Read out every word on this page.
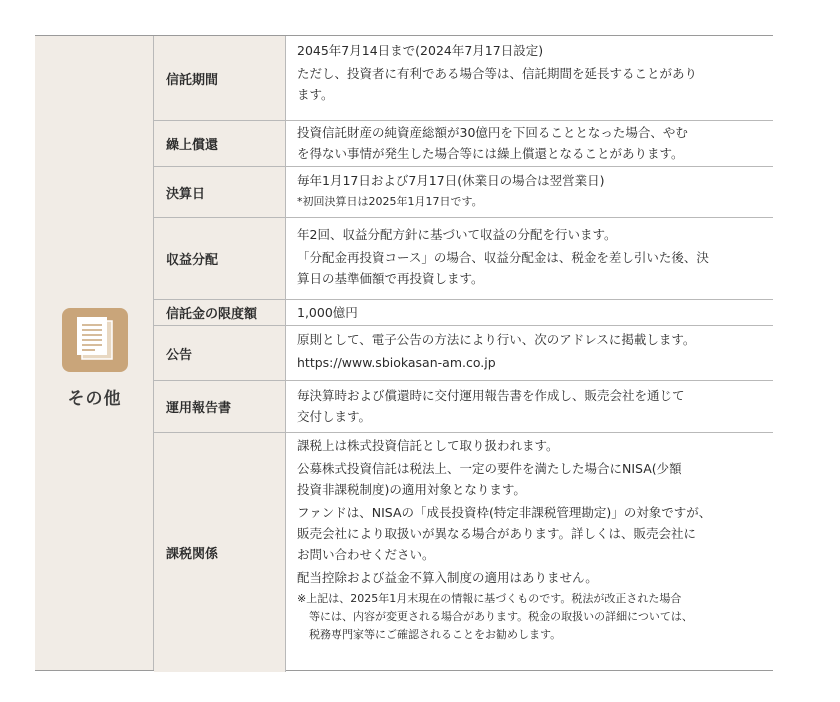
その他
信託期間

2045年7月14日まで(2024年7月17日設定)

ただし、投資者に有利である場合等は、信託期間を延長することがあり
ます。

繰上償還

投資信託財産の純資産総額が30億円を下回ることとなった場合、やむ
を得ない事情が発生した場合等には繰上償還となることがあります。

決算日

毎年1月17日および7月17日(休業日の場合は翌営業日)

*初回決算日は2025年1月17日です。

収益分配

年2回、収益分配方針に基づいて収益の分配を行います。

「分配金再投資コース」の場合、収益分配金は、税金を差し引いた後、決
算日の基準価額で再投資します。

信託金の限度額	1,000億円

公告

原則として、電子公告の方法により行い、次のアドレスに掲載します。

https://www.sbiokasan-am.co.jp

運用報告書

毎決算時および償還時に交付運用報告書を作成し、販売会社を通じて
交付します。

課税関係

課税上は株式投資信託として取り扱われます。

公募株式投資信託は税法上、一定の要件を満たした場合にNISA(少額
投資非課税制度)の適用対象となります。

ファンドは、NISAの「成長投資枠(特定非課税管理勘定)」の対象ですが、
販売会社により取扱いが異なる場合があります。詳しくは、販売会社に
お問い合わせください。

配当控除および益金不算入制度の適用はありません。

※上記は、2025年1月末現在の情報に基づくものです。税法が改正された場合
等には、内容が変更される場合があります。税金の取扱いの詳細については、
税務専門家等にご確認されることをお勧めします。
